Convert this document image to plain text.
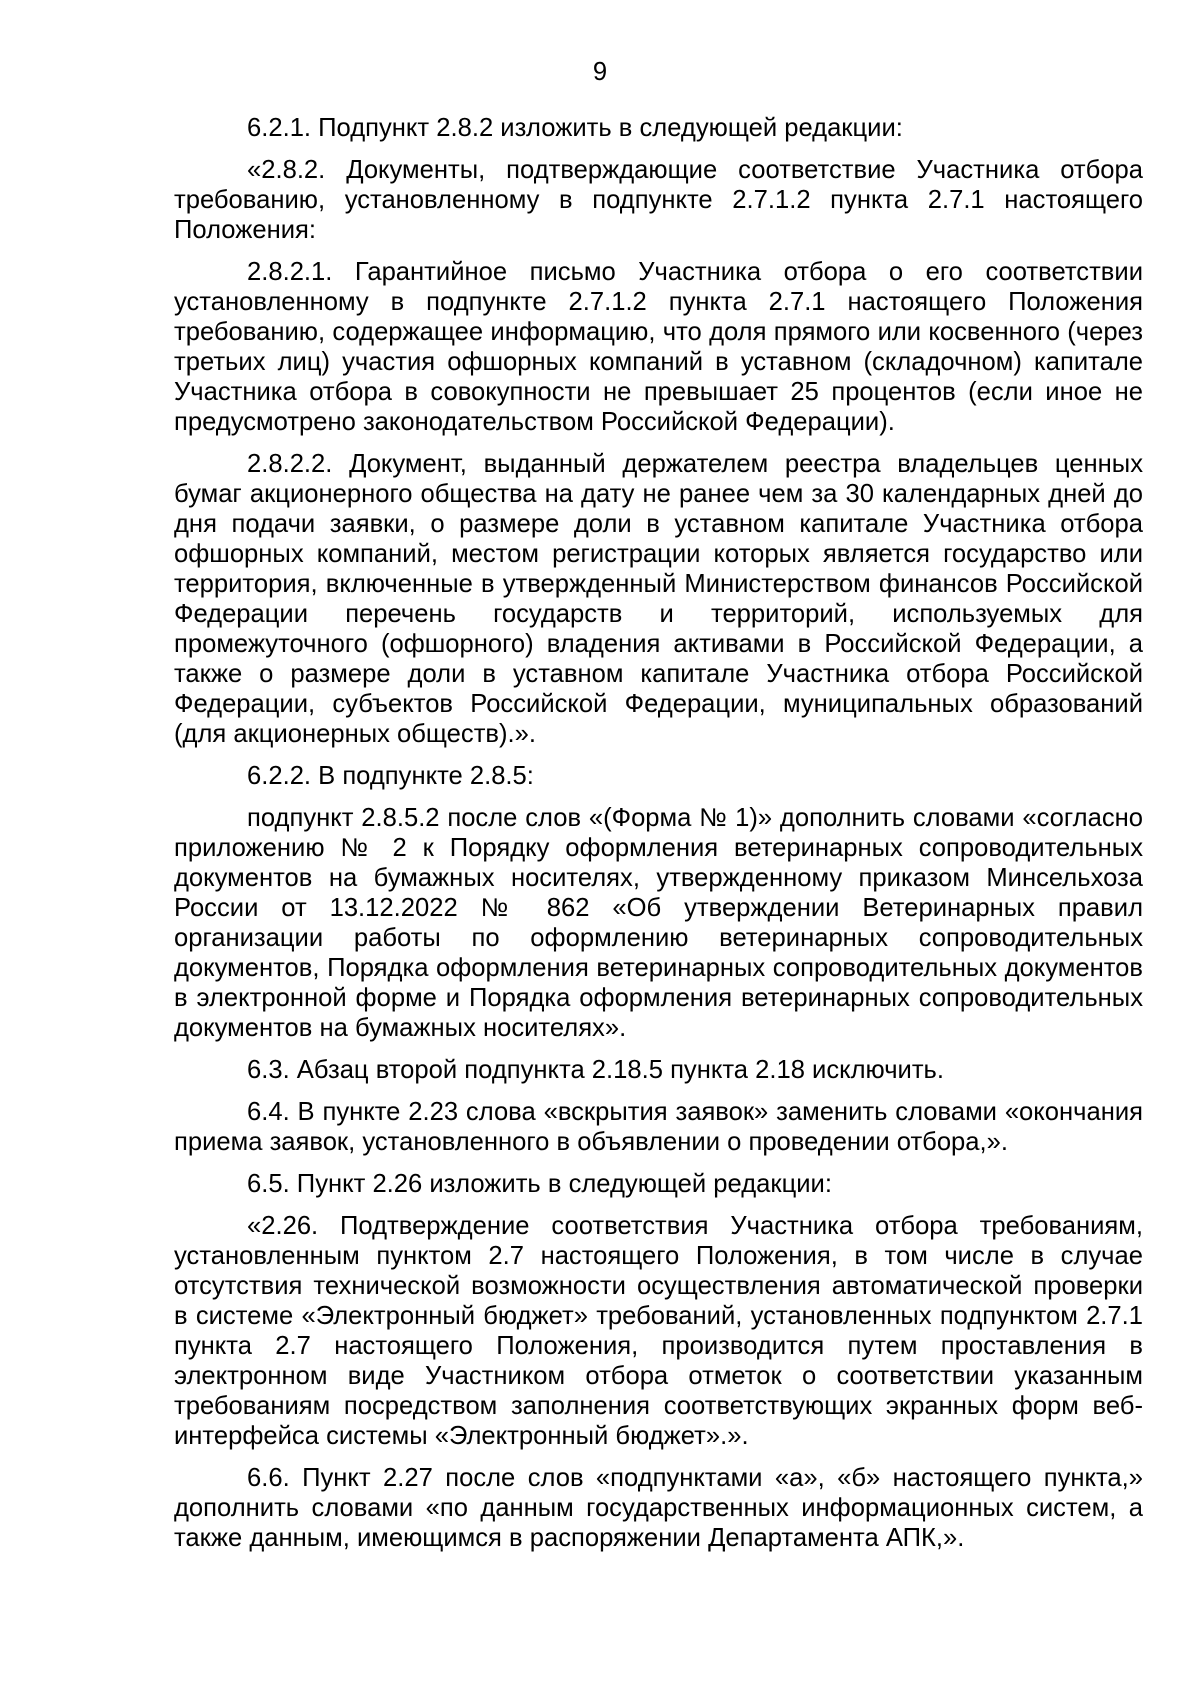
9

6.2.1. Подпункт 2.8.2 изложить в следующей редакции:

«2.8.2. Документы, подтверждающие соответствие Участника отбора требованию, установленному в подпункте 2.7.1.2 пункта 2.7.1 настоящего Положения:

2.8.2.1. Гарантийное письмо Участника отбора о его соответствии установленному в подпункте 2.7.1.2 пункта 2.7.1 настоящего Положения требованию, содержащее информацию, что доля прямого или косвенного (через третьих лиц) участия офшорных компаний в уставном (складочном) капитале Участника отбора в совокупности не превышает 25 процентов (если иное не предусмотрено законодательством Российской Федерации).

2.8.2.2. Документ, выданный держателем реестра владельцев ценных бумаг акционерного общества на дату не ранее чем за 30 календарных дней до дня подачи заявки, о размере доли в уставном капитале Участника отбора офшорных компаний, местом регистрации которых является государство или территория, включенные в утвержденный Министерством финансов Российской Федерации перечень государств и территорий, используемых для промежуточного (офшорного) владения активами в Российской Федерации, а также о размере доли в уставном капитале Участника отбора Российской Федерации, субъектов Российской Федерации, муниципальных образований (для акционерных обществ).».

6.2.2. В подпункте 2.8.5:

подпункт 2.8.5.2 после слов «(Форма № 1)» дополнить словами «согласно приложению № 2 к Порядку оформления ветеринарных сопроводительных документов на бумажных носителях, утвержденному приказом Минсельхоза России от 13.12.2022 № 862 «Об утверждении Ветеринарных правил организации работы по оформлению ветеринарных сопроводительных документов, Порядка оформления ветеринарных сопроводительных документов в электронной форме и Порядка оформления ветеринарных сопроводительных документов на бумажных носителях».

6.3. Абзац второй подпункта 2.18.5 пункта 2.18 исключить.

6.4. В пункте 2.23 слова «вскрытия заявок» заменить словами «окончания приема заявок, установленного в объявлении о проведении отбора,».

6.5. Пункт 2.26 изложить в следующей редакции:

«2.26. Подтверждение соответствия Участника отбора требованиям, установленным пунктом 2.7 настоящего Положения, в том числе в случае отсутствия технической возможности осуществления автоматической проверки в системе «Электронный бюджет» требований, установленных подпунктом 2.7.1 пункта 2.7 настоящего Положения, производится путем проставления в электронном виде Участником отбора отметок о соответствии указанным требованиям посредством заполнения соответствующих экранных форм веб-интерфейса системы «Электронный бюджет».».

6.6. Пункт 2.27 после слов «подпунктами «а», «б» настоящего пункта,» дополнить словами «по данным государственных информационных систем, а также данным, имеющимся в распоряжении Департамента АПК,».
